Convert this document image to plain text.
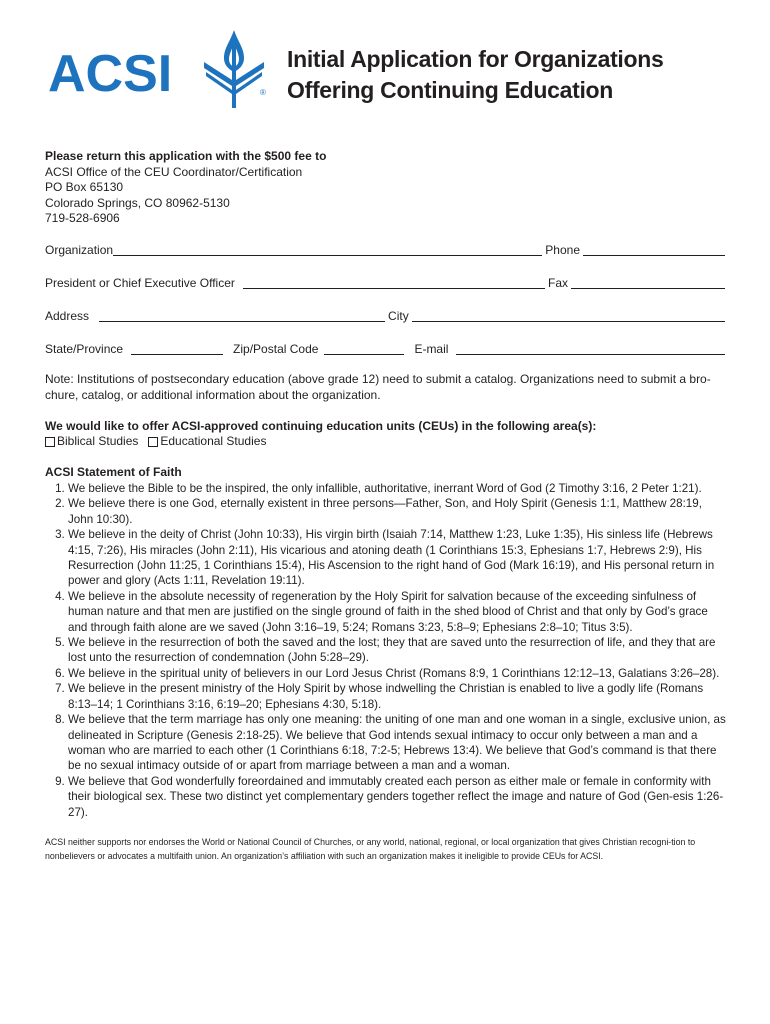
ACSI	®
Initial Application for Organizations
Offering Continuing Education
Please return this application with the $500 fee to
ACSI Office of the CEU Coordinator/Certification
PO Box 65130
Colorado Springs, CO 80962-5130
719-528-6906
Organization	Phone
President or Chief Executive Officer	Fax
Address	City
State/Province	Zip/Postal Code	E-mail
Note: Institutions of postsecondary education (above grade 12) need to submit a catalog. Organizations need to submit a bro-chure, catalog, or additional information about the organization.
We would like to offer ACSI-approved continuing education units (CEUs) in the following area(s):
Biblical Studies Educational Studies
ACSI Statement of Faith
1. We believe the Bible to be the inspired, the only infallible, authoritative, inerrant Word of God (2 Timothy 3:16, 2 Peter 1:21).
2. We believe there is one God, eternally existent in three persons—Father, Son, and Holy Spirit (Genesis 1:1, Matthew 28:19, John 10:30).
3. We believe in the deity of Christ (John 10:33), His virgin birth (Isaiah 7:14, Matthew 1:23, Luke 1:35), His sinless life (Hebrews 4:15, 7:26), His miracles (John 2:11), His vicarious and atoning death (1 Corinthians 15:3, Ephesians 1:7, Hebrews 2:9), His Resurrection (John 11:25, 1 Corinthians 15:4), His Ascension to the right hand of God (Mark 16:19), and His personal return in power and glory (Acts 1:11, Revelation 19:11).
4. We believe in the absolute necessity of regeneration by the Holy Spirit for salvation because of the exceeding sinfulness of human nature and that men are justified on the single ground of faith in the shed blood of Christ and that only by God’s grace and through faith alone are we saved (John 3:16–19, 5:24; Romans 3:23, 5:8–9; Ephesians 2:8–10; Titus 3:5).
5. We believe in the resurrection of both the saved and the lost; they that are saved unto the resurrection of life, and they that are lost unto the resurrection of condemnation (John 5:28–29).
6. We believe in the spiritual unity of believers in our Lord Jesus Christ (Romans 8:9, 1 Corinthians 12:12–13, Galatians 3:26–28).
7. We believe in the present ministry of the Holy Spirit by whose indwelling the Christian is enabled to live a godly life (Romans 8:13–14; 1 Corinthians 3:16, 6:19–20; Ephesians 4:30, 5:18).
8. We believe that the term marriage has only one meaning: the uniting of one man and one woman in a single, exclusive union, as delineated in Scripture (Genesis 2:18-25). We believe that God intends sexual intimacy to occur only between a man and a woman who are married to each other (1 Corinthians 6:18, 7:2-5; Hebrews 13:4). We believe that God’s command is that there be no sexual intimacy outside of or apart from marriage between a man and a woman.
9. We believe that God wonderfully foreordained and immutably created each person as either male or female in conformity with their biological sex. These two distinct yet complementary genders together reflect the image and nature of God (Gen-esis 1:26-27).
ACSI neither supports nor endorses the World or National Council of Churches, or any world, national, regional, or local organization that gives Christian recogni-tion to nonbelievers or advocates a multifaith union. An organization’s affiliation with such an organization makes it ineligible to provide CEUs for ACSI.
